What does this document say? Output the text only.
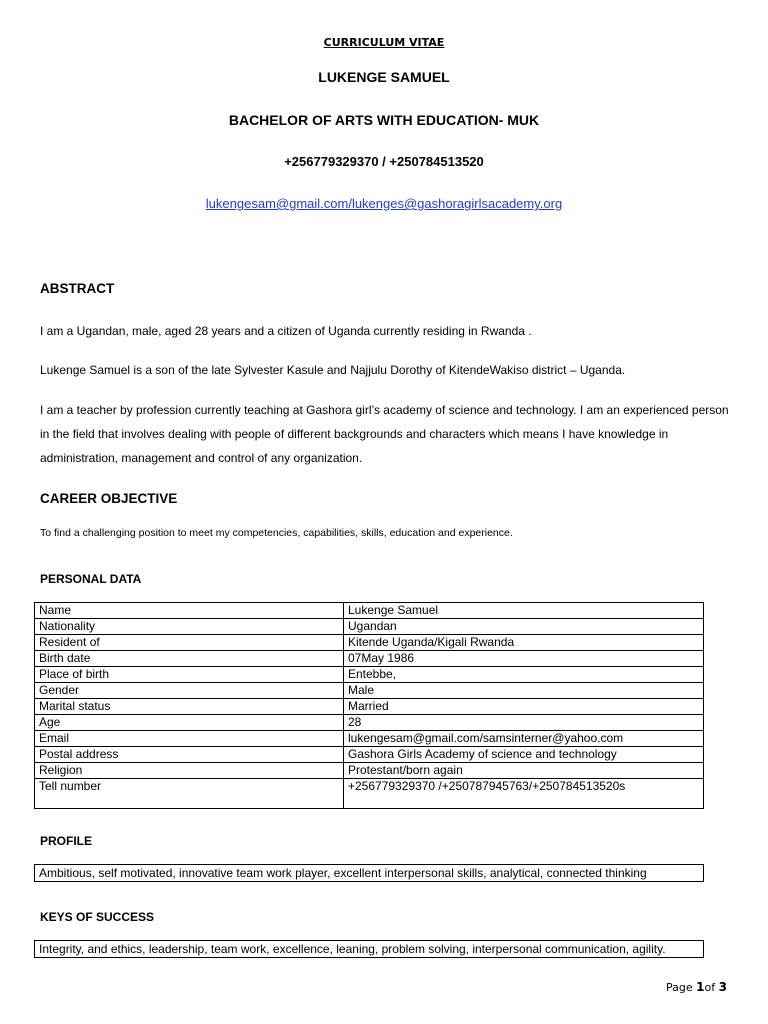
CURRICULUM VITAE
LUKENGE SAMUEL
BACHELOR OF ARTS WITH EDUCATION- MUK
+256779329370 / +250784513520
lukengesam@gmail.com/lukenges@gashoragirlsacademy.org
ABSTRACT
I am a Ugandan, male, aged 28 years and a citizen of Uganda currently residing in Rwanda .
Lukenge Samuel is a son of the late Sylvester Kasule and Najjulu Dorothy of KitendeWakiso district – Uganda.
I am a teacher by profession currently teaching at Gashora girl’s academy of science and technology. I am an experienced person in the field that involves dealing with people of different backgrounds and characters which means I have knowledge in administration, management and control of any organization.
CAREER OBJECTIVE
To find a challenging position to meet my competencies, capabilities, skills, education and experience.
PERSONAL DATA
Name	Lukenge Samuel
Nationality	Ugandan
Resident of	Kitende Uganda/Kigali Rwanda
Birth date	07May 1986
Place of birth	Entebbe,
Gender	Male
Marital status	Married
Age	28
Email	lukengesam@gmail.com/samsinterner@yahoo.com
Postal address	Gashora Girls Academy of science and technology
Religion	Protestant/born again
Tell number	+256779329370 /+250787945763/+250784513520s
PROFILE
Ambitious, self motivated, innovative team work player, excellent interpersonal skills, analytical, connected thinking
KEYS OF SUCCESS
Integrity, and ethics, leadership, team work, excellence, leaning, problem solving, interpersonal communication, agility.
Page 1of 3
